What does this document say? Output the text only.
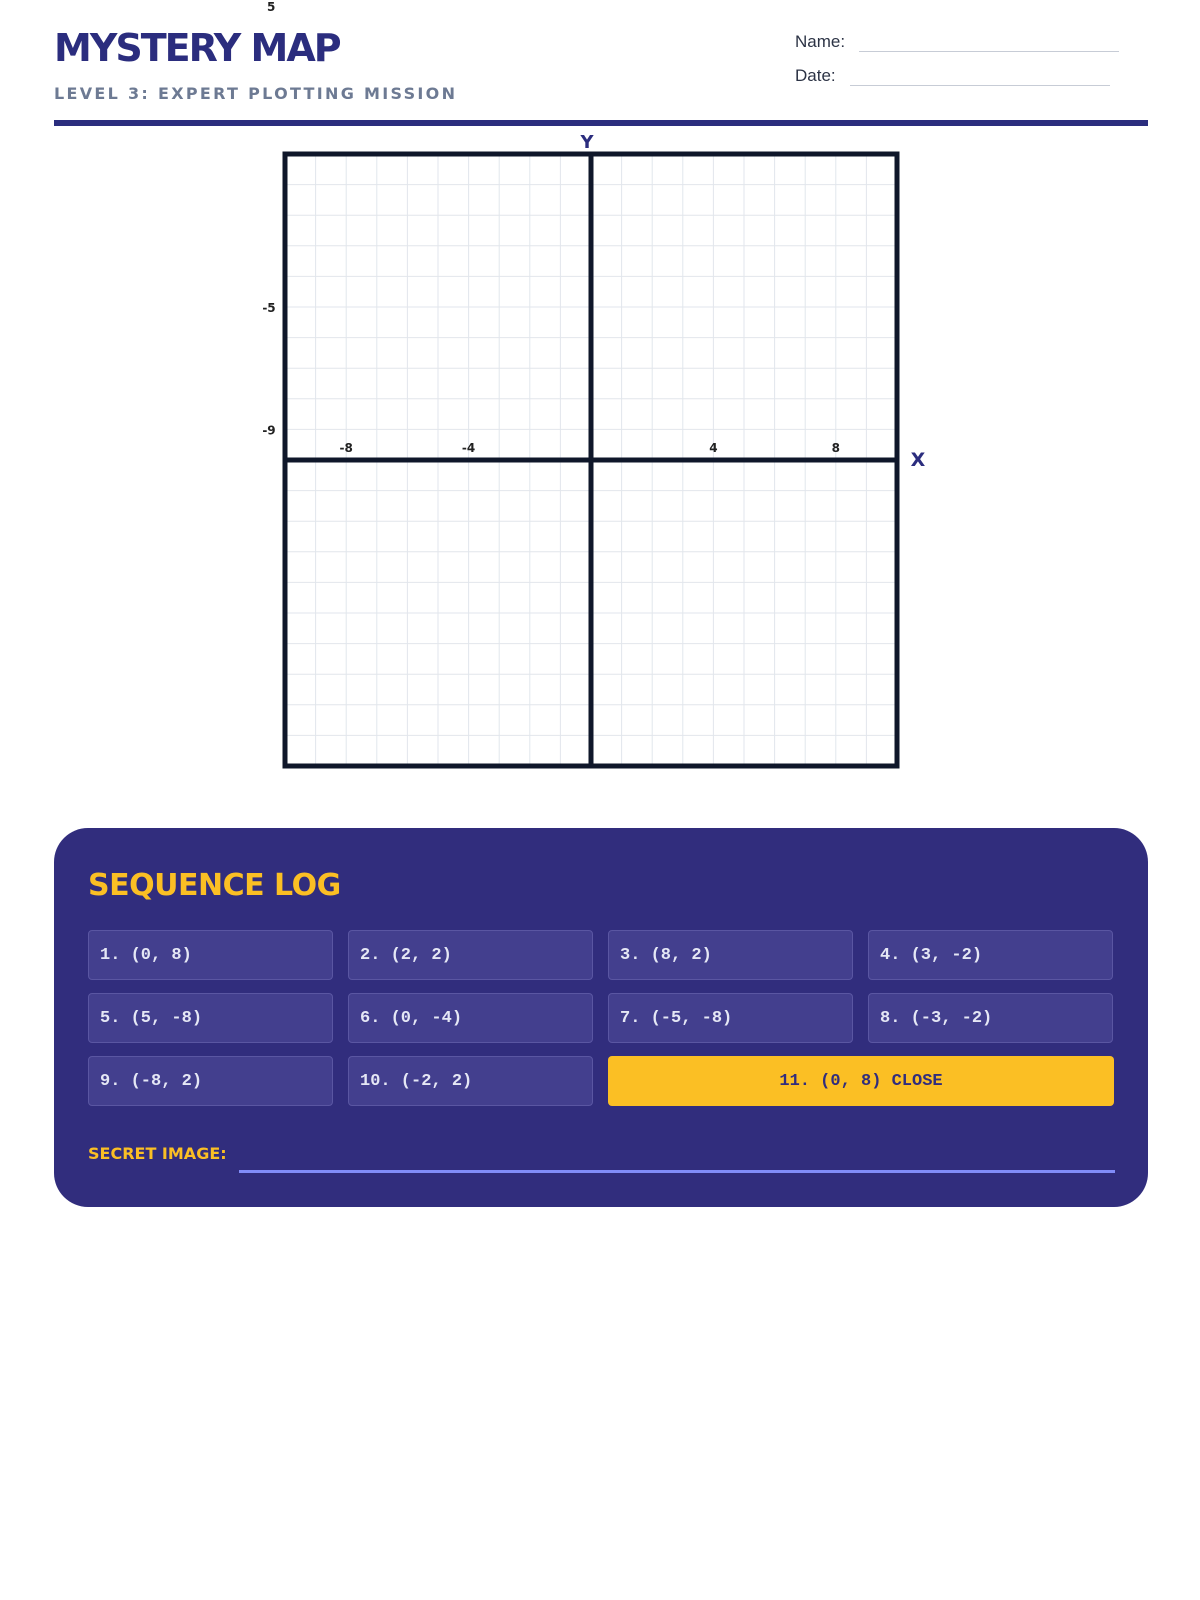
5
MYSTERY MAP
LEVEL 3: EXPERT PLOTTING MISSION
Name:
Date:
Y
X
-8	-4	4	8
-5
-9
SEQUENCE LOG
1. (0, 8)	2. (2, 2)	3. (8, 2)	4. (3, -2)
5. (5, -8)	6. (0, -4)	7. (-5, -8)	8. (-3, -2)
9. (-8, 2)	10. (-2, 2)	11. (0, 8) CLOSE
SECRET IMAGE:
